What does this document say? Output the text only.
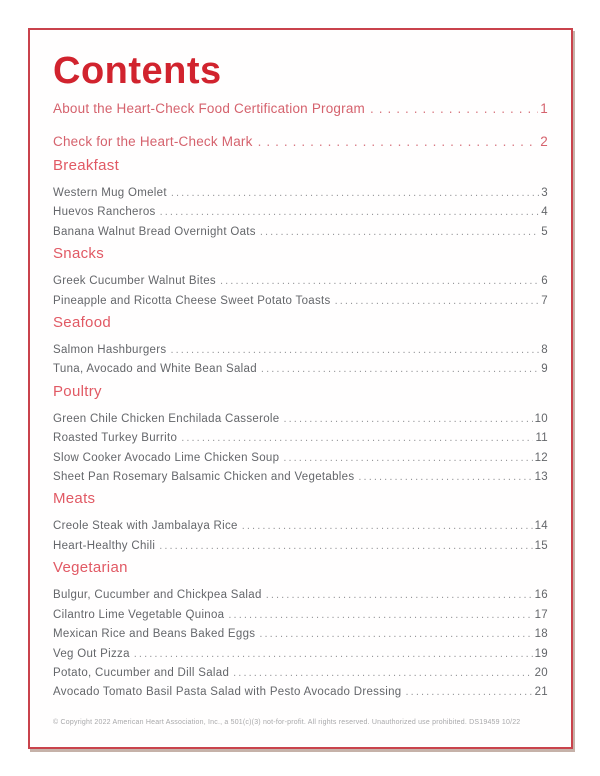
Contents
About the Heart-Check Food Certification Program .....	1
Check for the Heart-Check Mark .....	2
Breakfast
Western Mug Omelet .....	3
Huevos Rancheros .....	4
Banana Walnut Bread Overnight Oats .....	5
Snacks
Greek Cucumber Walnut Bites .....	6
Pineapple and Ricotta Cheese Sweet Potato Toasts .....	7
Seafood
Salmon Hashburgers .....	8
Tuna, Avocado and White Bean Salad .....	9
Poultry
Green Chile Chicken Enchilada Casserole .....	10
Roasted Turkey Burrito .....	11
Slow Cooker Avocado Lime Chicken Soup .....	12
Sheet Pan Rosemary Balsamic Chicken and Vegetables .....	13
Meats
Creole Steak with Jambalaya Rice .....	14
Heart-Healthy Chili .....	15
Vegetarian
Bulgur, Cucumber and Chickpea Salad .....	16
Cilantro Lime Vegetable Quinoa .....	17
Mexican Rice and Beans Baked Eggs .....	18
Veg Out Pizza .....	19
Potato, Cucumber and Dill Salad .....	20
Avocado Tomato Basil Pasta Salad with Pesto Avocado Dressing .....	21
© Copyright 2022 American Heart Association, Inc., a 501(c)(3) not-for-profit. All rights reserved. Unauthorized use prohibited. DS19459 10/22
